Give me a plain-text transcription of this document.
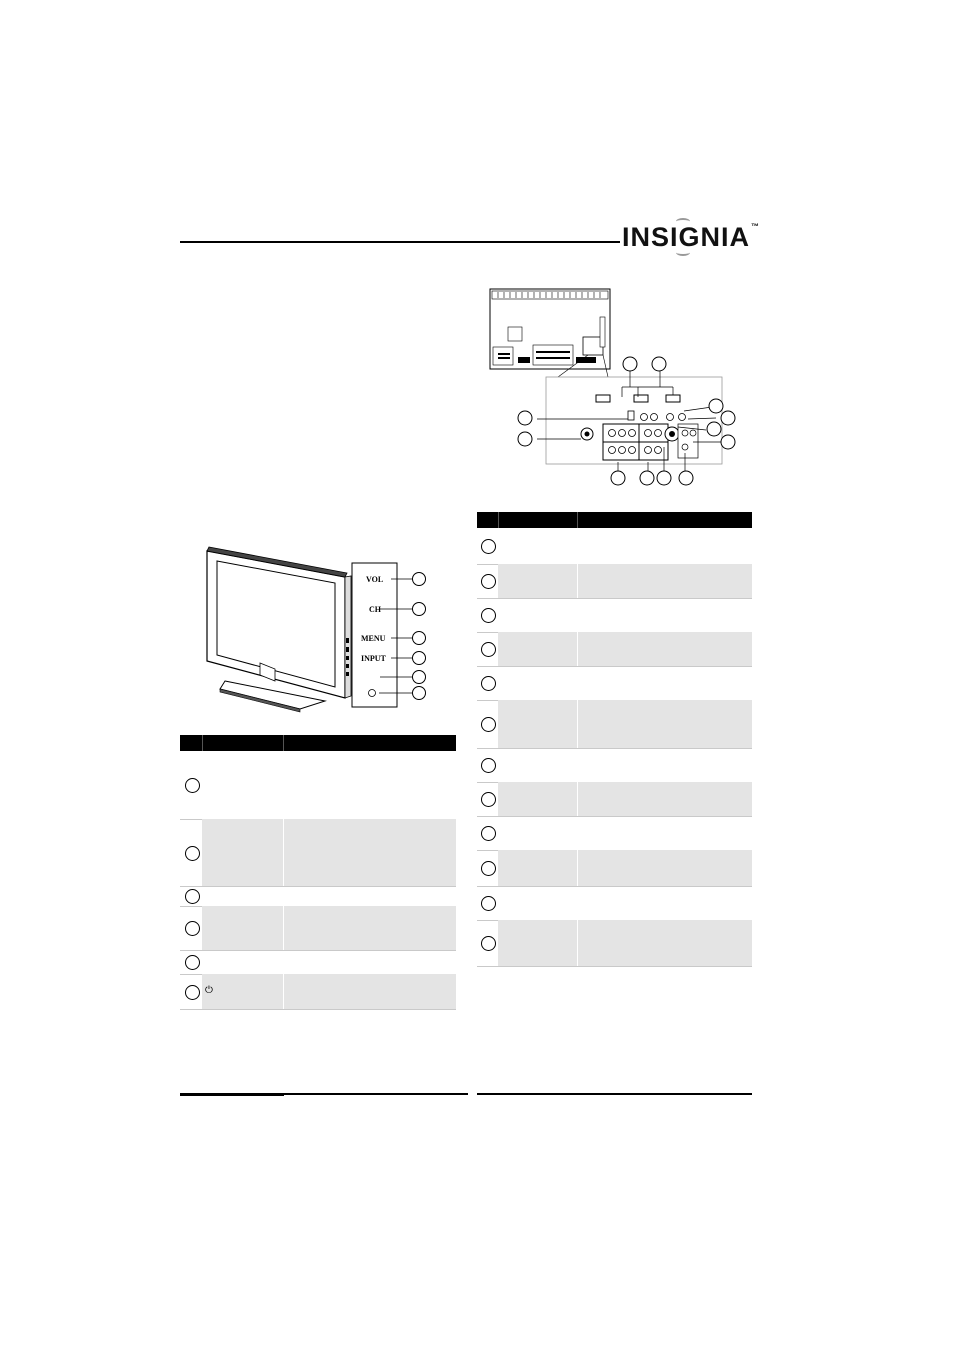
INSIGNIA™
VOL
CH
MENU
INPUT
⏻
